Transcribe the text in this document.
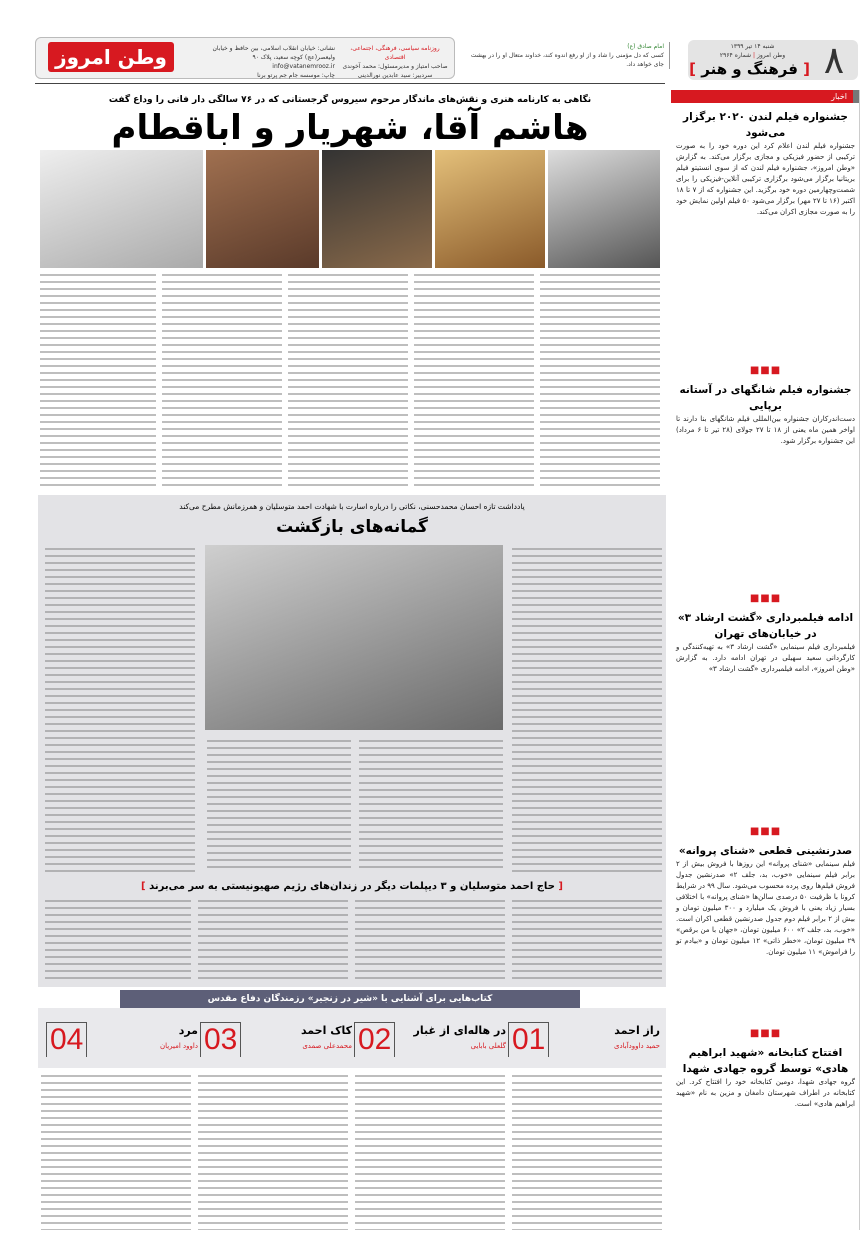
وطن امروز	نشانی: خیابان انقلاب اسلامی، بین حافظ و خیابان ولیعصر(عج) کوچه سعید، پلاک ۹۰
info@vatanemrooz.ir
چاپ: موسسه جام جم پرتو برنا
روزنامه سیاسی، فرهنگی، اجتماعی، اقتصادی
صاحب امتیاز و مدیرمسئول: محمد آخوندی
سردبیر: سید عابدین نورالدینی
امام صادق (ع)
کسی که دل مؤمنی را شاد و از او رفع اندوه کند، خداوند متعال او را در بهشت جای خواهد داد.	۸
شنبه ۱۴ تیر ۱۳۹۹
وطن امروز | شماره ۲۹۶۴
[ فرهنگ و هنر ]
نگاهی به کارنامه هنری و نقش‌های ماندگار مرحوم سیروس گرجستانی که در ۷۶ سالگی دار فانی را وداع گفت
هاشم آقا، شهریار و اباقطام
یادداشت تازه احسان محمدحسنی، نکاتی را درباره اسارت با شهادت احمد متوسلیان و همرزمانش مطرح می‌کند
گمانه‌های بازگشت
[ حاج احمد متوسلیان و ۳ دیپلمات دیگر در زندان‌های رژیم صهیونیستی به سر می‌برند ]
کتاب‌هایی برای آشنایی با «شیر در زنجیر» رزمندگان دفاع مقدس
01	راز احمد
حمید داوودآبادی
02	در هاله‌ای از غبار
گلعلی بابایی
03	کاک احمد
محمدعلی صمدی
04	مرد
داوود امیریان
اخبار
جشنواره فیلم لندن ۲۰۲۰ برگزار می‌شود
جشنواره فیلم لندن اعلام کرد این دوره خود را به صورت ترکیبی از حضور فیزیکی و مجازی برگزار می‌کند. به گزارش «وطن امروز»، جشنواره فیلم لندن که از سوی انستیتو فیلم بریتانیا برگزار می‌شود برگزاری ترکیبی آنلاین-فیزیکی را برای شصت‌وچهارمین دوره خود برگزید. این جشنواره که از ۷ تا ۱۸ اکتبر (۱۶ تا ۲۷ مهر) برگزار می‌شود ۵۰ فیلم اولین نمایش خود را به صورت مجازی اکران می‌کند.
■■■
جشنواره فیلم شانگهای در آستانه برپایی
دست‌اندرکاران جشنواره بین‌المللی فیلم شانگهای بنا دارند تا اواخر همین ماه یعنی از ۱۸ تا ۲۷ جولای (۲۸ تیر تا ۶ مرداد) این جشنواره برگزار شود.
■■■
ادامه فیلمبرداری «گشت ارشاد ۳» در خیابان‌های تهران
فیلمبرداری فیلم سینمایی «گشت ارشاد ۳» به تهیه‌کنندگی و کارگردانی سعید سهیلی در تهران ادامه دارد. به گزارش «وطن امروز»، ادامه فیلمبرداری «گشت ارشاد ۳»
■■■
صدرنشینی قطعی «شنای پروانه»
فیلم سینمایی «شنای پروانه» این روزها با فروش بیش از ۲ برابر فیلم سینمایی «خوب، بد، جلف ۲» صدرنشین جدول فروش فیلم‌ها روی پرده محسوب می‌شود. سال ۹۹ در شرایط کرونا با ظرفیت ۵۰ درصدی سالن‌ها «شنای پروانه» با اختلافی بسیار زیاد یعنی با فروش یک میلیارد و ۳۰۰ میلیون تومان و بیش از ۲ برابر فیلم دوم جدول صدرنشین قطعی اکران است. «خوب، بد، جلف ۲» ۶۰۰ میلیون تومان، «جهان با من برقص» ۲۹ میلیون تومان، «خطر ذاتی» ۱۲ میلیون تومان و «بیادم تو را فراموش» ۱۱ میلیون تومان.
■■■
افتتاح کتابخانه «شهید ابراهیم هادی» توسط گروه جهادی شهدا
گروه جهادی شهدا، دومین کتابخانه خود را افتتاح کرد. این کتابخانه در اطراف شهرستان دامغان و مزین به نام «شهید ابراهیم هادی» است.
